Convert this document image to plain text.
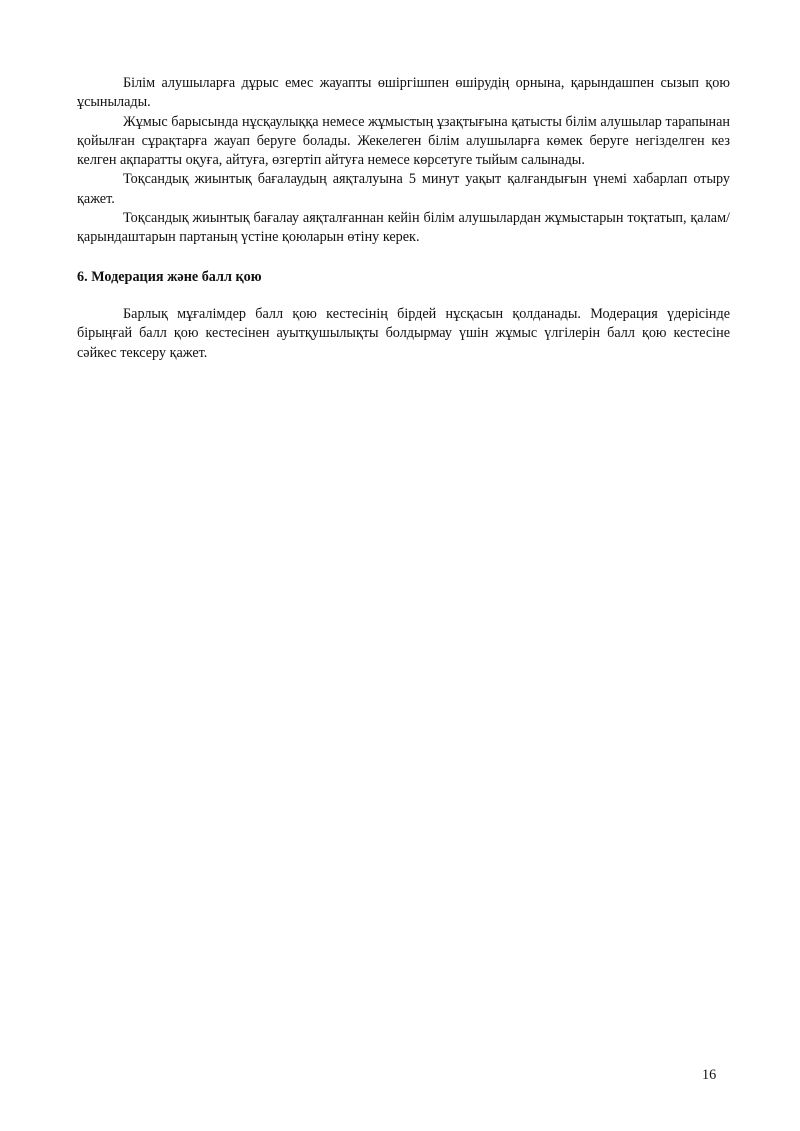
Білім алушыларға дұрыс емес жауапты өшіргішпен өшірудің орнына, қарындашпен сызып қою ұсынылады.

Жұмыс барысында нұсқаулыққа немесе жұмыстың ұзақтығына қатысты білім алушылар тарапынан қойылған сұрақтарға жауап беруге болады. Жекелеген білім алушыларға көмек беруге негізделген кез келген ақпаратты оқуға, айтуға, өзгертіп айтуға немесе көрсетуге тыйым салынады.

Тоқсандық жиынтық бағалаудың аяқталуына 5 минут уақыт қалғандығын үнемі хабарлап отыру қажет.

Тоқсандық жиынтық бағалау аяқталғаннан кейін білім алушылардан жұмыстарын тоқтатып, қалам/қарындаштарын партаның үстіне қоюларын өтіну керек.

6. Модерация және балл қою

Барлық мұғалімдер балл қою кестесінің бірдей нұсқасын қолданады. Модерация үдерісінде бірыңғай балл қою кестесінен ауытқушылықты болдырмау үшін жұмыс үлгілерін балл қою кестесіне сәйкес тексеру қажет.

16
